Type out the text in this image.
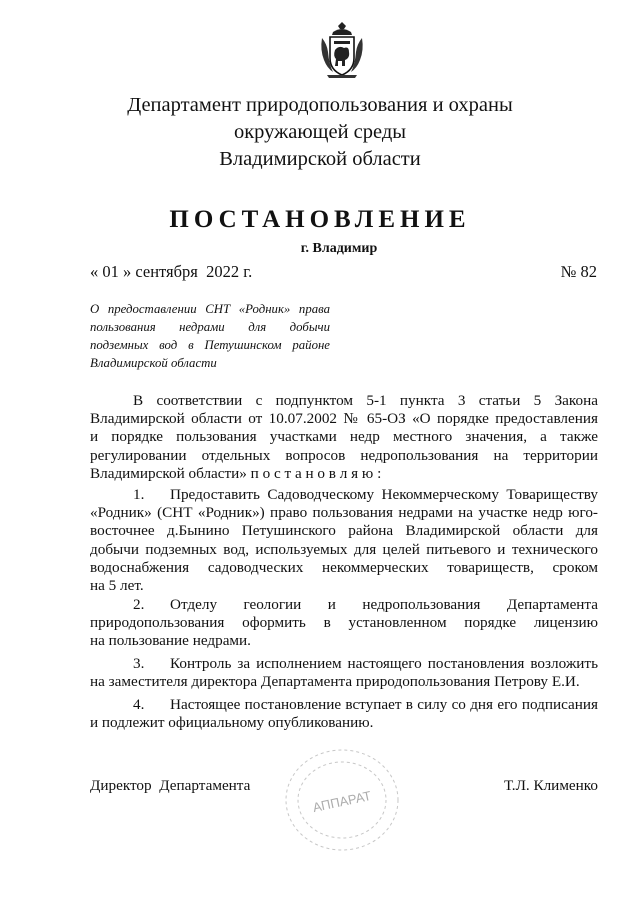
Департамент природопользования и охраны
окружающей среды
Владимирской области
ПОСТАНОВЛЕНИЕ
г. Владимир
« 01 » сентября  2022 г.	№ 82
О предоставлении СНТ «Родник» права
пользования недрами для добычи
подземных вод в Петушинском районе
Владимирской области
В соответствии с подпунктом 5-1 пункта 3 статьи 5 Закона
Владимирской области от 10.07.2002 № 65-ОЗ «О порядке предоставления
и порядке пользования участками недр местного значения, а также
регулировании отдельных вопросов недропользования на территории
Владимирской области» п о с т а н о в л я ю :
1. Предоставить Садоводческому Некоммерческому Товариществу
«Родник» (СНТ «Родник») право пользования недрами на участке недр юго-
восточнее д.Бынино Петушинского района Владимирской области для
добычи подземных вод, используемых для целей питьевого и технического
водоснабжения садоводческих некоммерческих товариществ, сроком
на 5 лет.
2. Отделу геологии и недропользования Департамента
природопользования оформить в установленном порядке лицензию
на пользование недрами.
3. Контроль за исполнением настоящего постановления возложить
на заместителя директора Департамента природопользования Петрову Е.И.
4. Настоящее постановление вступает в силу со дня его подписания
и подлежит официальному опубликованию.
Директор  Департамента	Т.Л. Клименко
АППАРАТ
